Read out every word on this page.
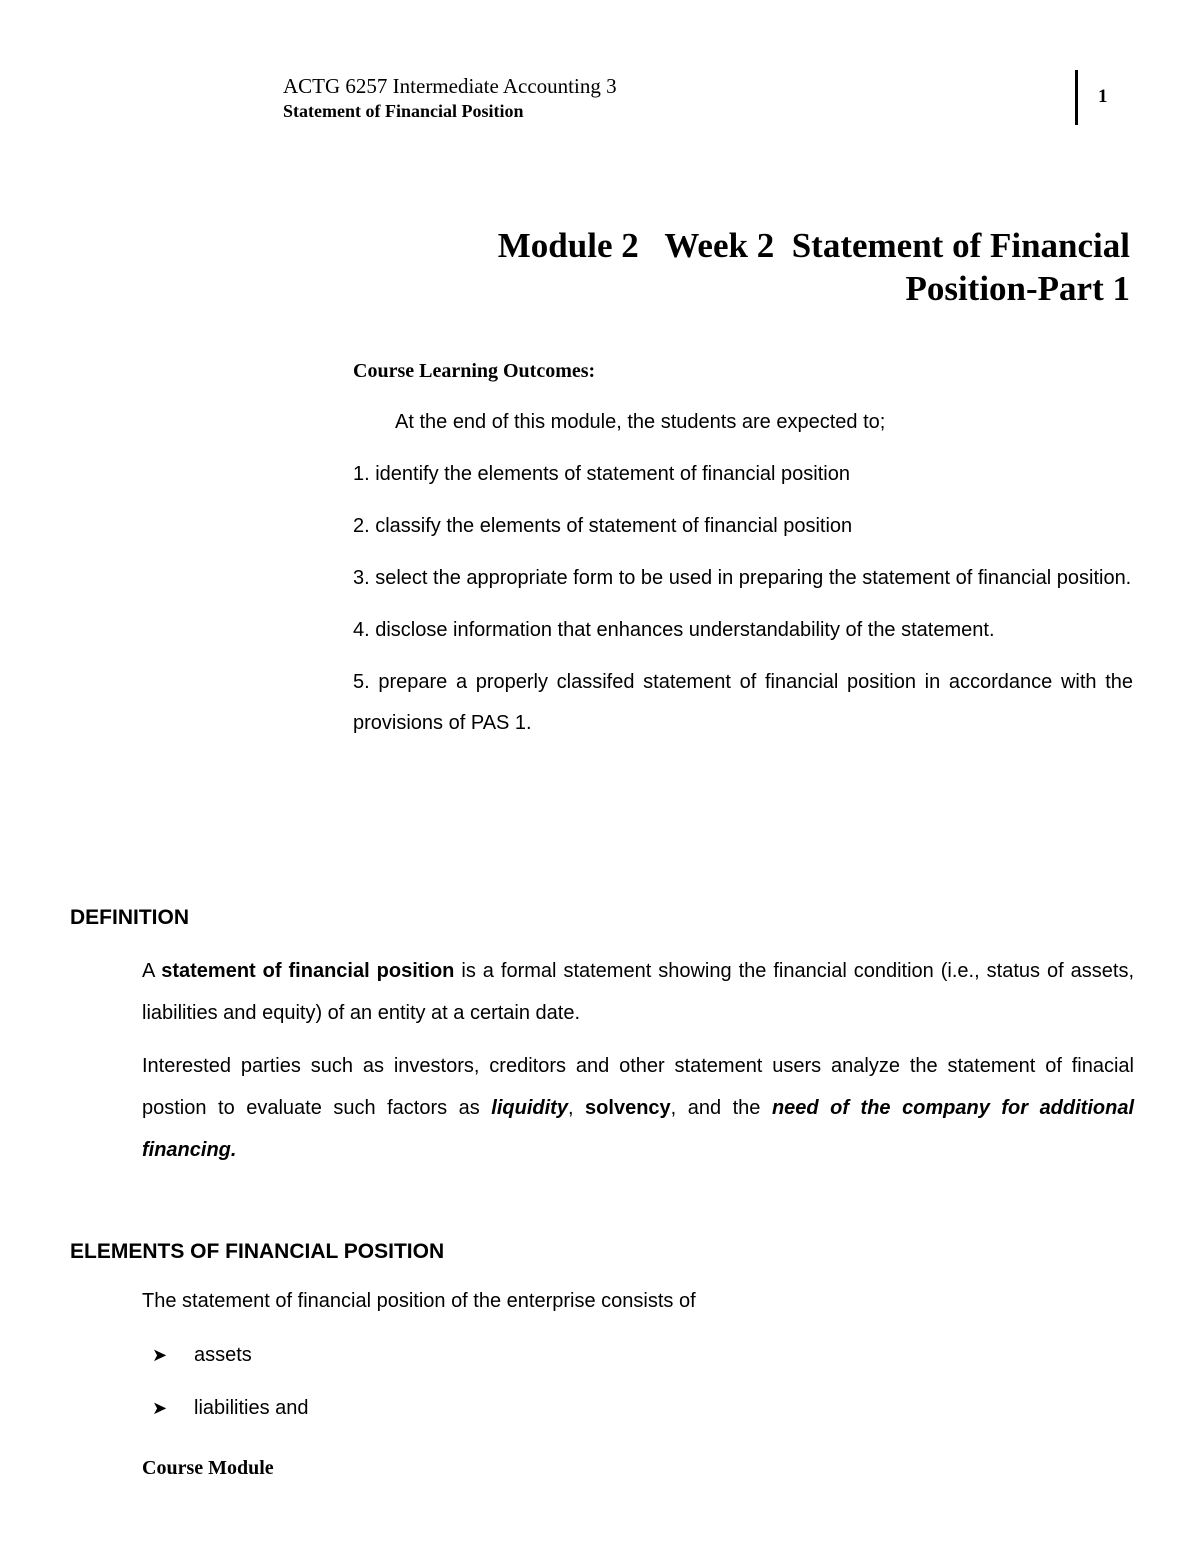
ACTG 6257 Intermediate Accounting 3
Statement of Financial Position
1
Module 2   Week 2  Statement of Financial
Position-Part 1
Course Learning Outcomes:

At the end of this module, the students are expected to;

1. identify the elements of statement of financial position

2. classify the elements of statement of financial position

3. select the appropriate form to be used in preparing the statement of financial position.

4. disclose information that enhances understandability of the statement.

5. prepare a properly classifed statement of financial position in accordance with the provisions of PAS 1.

DEFINITION

A statement of financial position is a formal statement showing the financial condition (i.e., status of assets, liabilities and equity) of an entity at a certain date.

Interested parties such as investors, creditors and other statement users analyze the statement of finacial postion to evaluate such factors as liquidity, solvency, and the need of the company for additional financing.

ELEMENTS OF FINANCIAL POSITION
The statement of financial position of the enterprise consists of
➤	assets
➤	liabilities and
Course Module
